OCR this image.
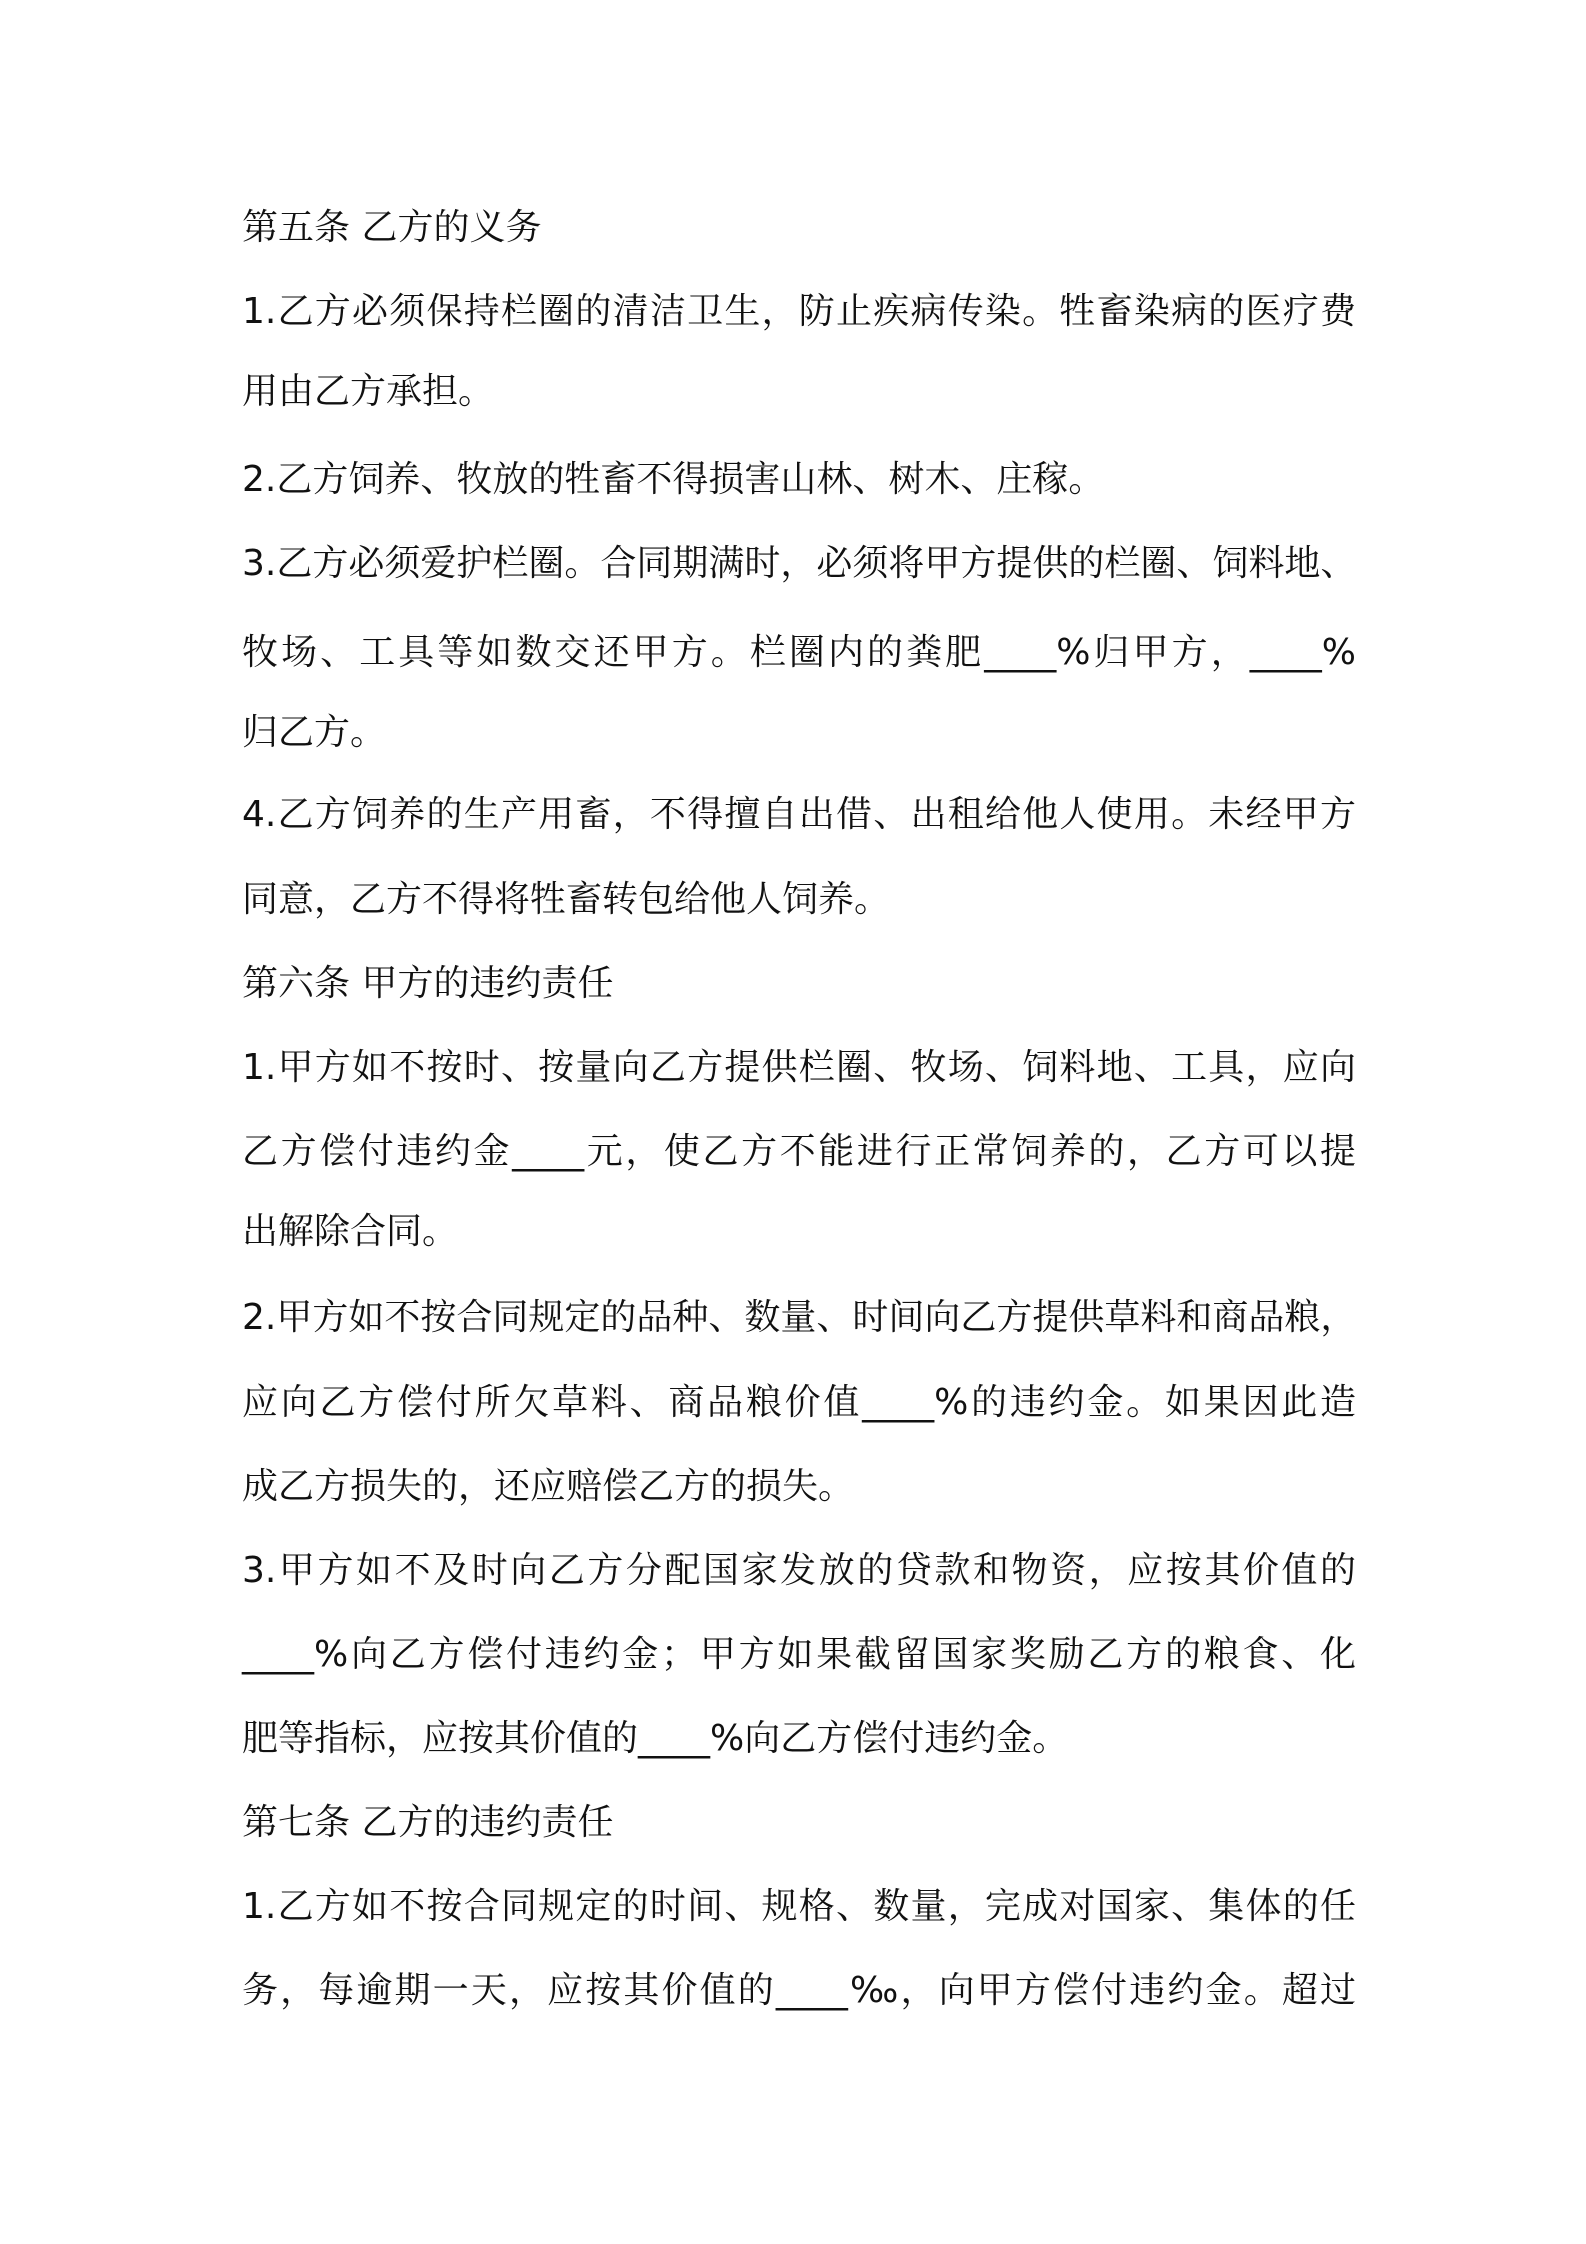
第五条 乙方的义务
1.乙方必须保持栏圈的清洁卫生，防止疾病传染。牲畜染病的医疗费
用由乙方承担。
2.乙方饲养、牧放的牲畜不得损害山林、树木、庄稼。
3.乙方必须爱护栏圈。合同期满时，必须将甲方提供的栏圈、饲料地、
牧场、工具等如数交还甲方。栏圈内的粪肥____%归甲方，____%
归乙方。
4.乙方饲养的生产用畜，不得擅自出借、出租给他人使用。未经甲方
同意，乙方不得将牲畜转包给他人饲养。
第六条 甲方的违约责任
1.甲方如不按时、按量向乙方提供栏圈、牧场、饲料地、工具，应向
乙方偿付违约金____元，使乙方不能进行正常饲养的，乙方可以提
出解除合同。
2.甲方如不按合同规定的品种、数量、时间向乙方提供草料和商品粮，
应向乙方偿付所欠草料、商品粮价值____%的违约金。如果因此造
成乙方损失的，还应赔偿乙方的损失。
3.甲方如不及时向乙方分配国家发放的贷款和物资，应按其价值的
____%向乙方偿付违约金；甲方如果截留国家奖励乙方的粮食、化
肥等指标，应按其价值的____%向乙方偿付违约金。
第七条 乙方的违约责任
1.乙方如不按合同规定的时间、规格、数量，完成对国家、集体的任
务，每逾期一天，应按其价值的____‰，向甲方偿付违约金。超过
